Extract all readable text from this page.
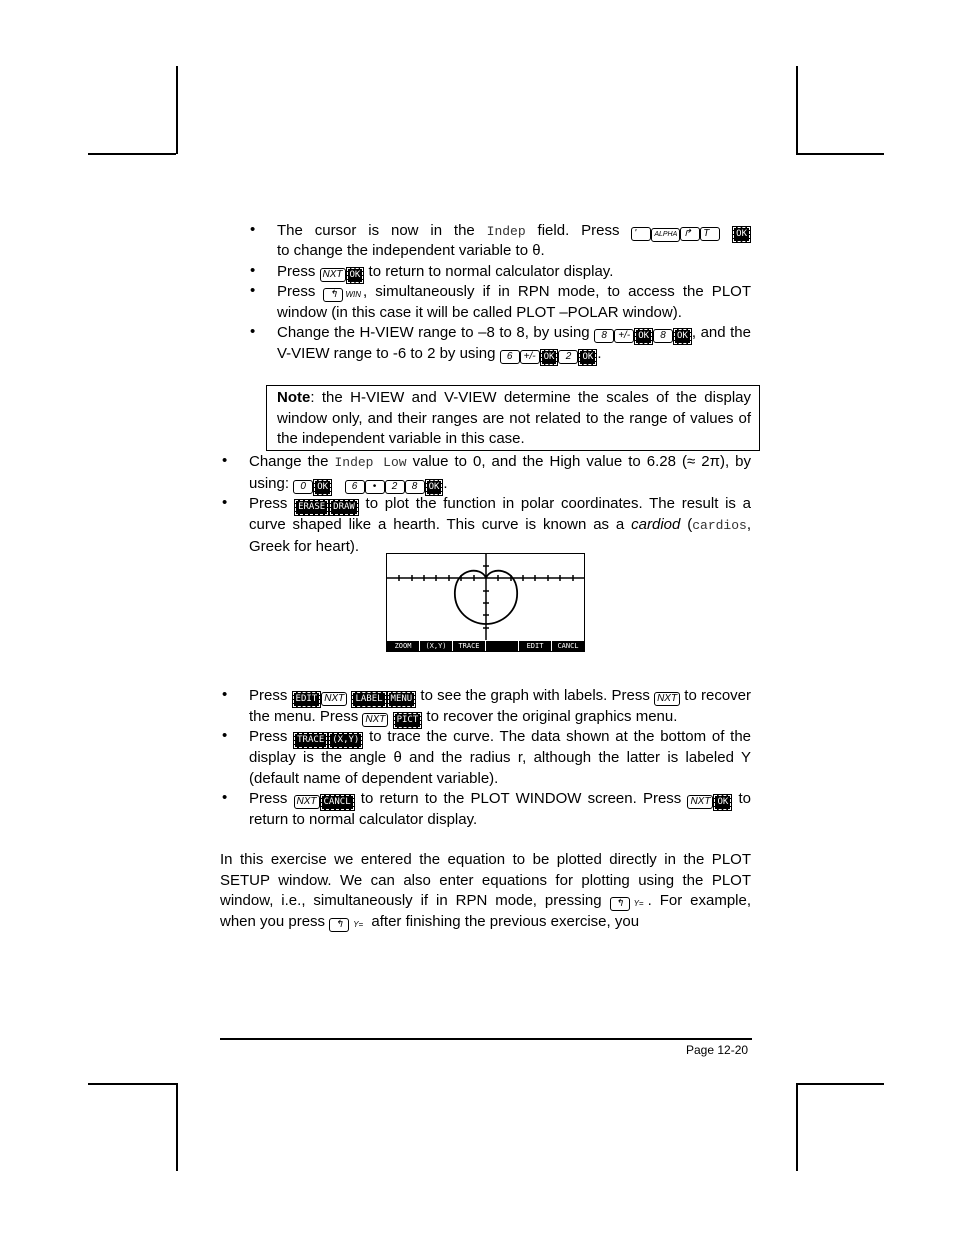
• The cursor is now in the Indep field. Press '	ALPHA ↱ T	OK
to change the independent variable to θ.
• Press NXT OK to return to normal calculator display.
• Press ↰ WIN , simultaneously if in RPN mode, to access the PLOT window (in this case it will be called PLOT –POLAR window).
• Change the H-VIEW range to –8 to 8, by using 8 +/- OK 8 OK , and the V-VIEW range to -6 to 2 by using 6 +/- OK 2 OK .
Note: the H-VIEW and V-VIEW determine the scales of the display window only, and their ranges are not related to the range of values of the independent variable in this case.
• Change the Indep Low value to 0, and the High value to 6.28 (≈ 2π), by using: 0 OK 6 • 2 8 OK .
• Press ERASE DRAW to plot the function in polar coordinates. The result is a curve shaped like a hearth. This curve is known as a cardiod (cardios, Greek for heart).
ZOOM	(X,Y)	TRACE	EDIT	CANCL
• Press EDIT NXT LABEL MENU to see the graph with labels. Press NXT to recover the menu. Press NXT PICT to recover the original graphics menu.
• Press TRACE (X,Y) to trace the curve. The data shown at the bottom of the display is the angle θ and the radius r, although the latter is labeled Y (default name of dependent variable).
• Press NXT CANCL to return to the PLOT WINDOW screen. Press NXT OK to return to normal calculator display.
In this exercise we entered the equation to be plotted directly in the PLOT SETUP window. We can also enter equations for plotting using the PLOT window, i.e., simultaneously if in RPN mode, pressing ↰ Y= . For example, when you press ↰ Y= after finishing the previous exercise, you
Page 12-20
